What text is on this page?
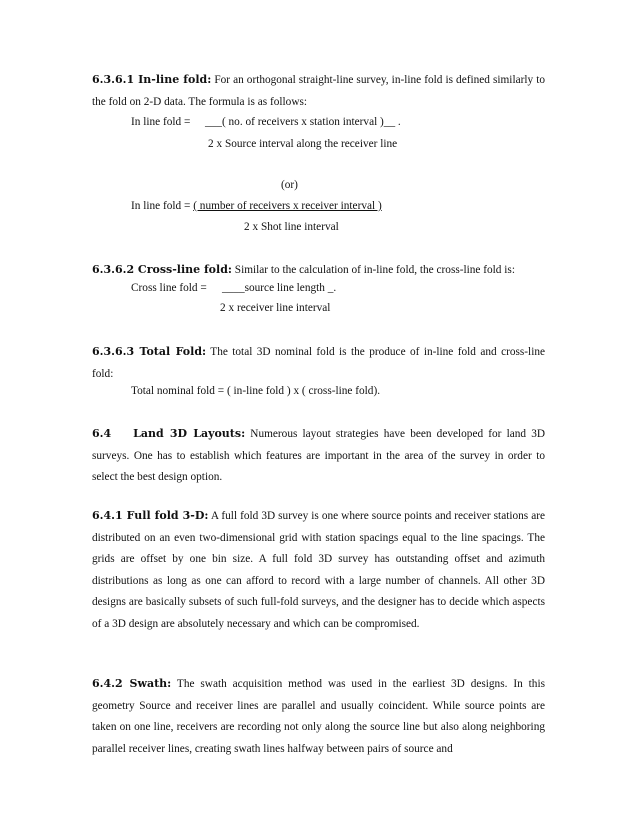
6.3.6.1 In-line fold: For an orthogonal straight-line survey, in-line fold is defined similarly to the fold on 2-D data. The formula is as follows:
In line fold = ___( no. of receivers x station interval )__ .
2 x Source interval along the receiver line
(or)
In line fold = ( number of receivers x receiver interval )
2 x Shot line interval
6.3.6.2 Cross-line fold: Similar to the calculation of in-line fold, the cross-line fold is:
Cross line fold = ____source line length _.
2 x receiver line interval
6.3.6.3 Total Fold: The total 3D nominal fold is the produce of in-line fold and cross-line fold:
Total nominal fold = ( in-line fold ) x ( cross-line fold).
6.4 Land 3D Layouts: Numerous layout strategies have been developed for land 3D surveys. One has to establish which features are important in the area of the survey in order to select the best design option.
6.4.1 Full fold 3-D: A full fold 3D survey is one where source points and receiver stations are distributed on an even two-dimensional grid with station spacings equal to the line spacings. The grids are offset by one bin size. A full fold 3D survey has outstanding offset and azimuth distributions as long as one can afford to record with a large number of channels. All other 3D designs are basically subsets of such full-fold surveys, and the designer has to decide which aspects of a 3D design are absolutely necessary and which can be compromised.
6.4.2 Swath: The swath acquisition method was used in the earliest 3D designs. In this geometry Source and receiver lines are parallel and usually coincident. While source points are taken on one line, receivers are recording not only along the source line but also along neighboring parallel receiver lines, creating swath lines halfway between pairs of source and
